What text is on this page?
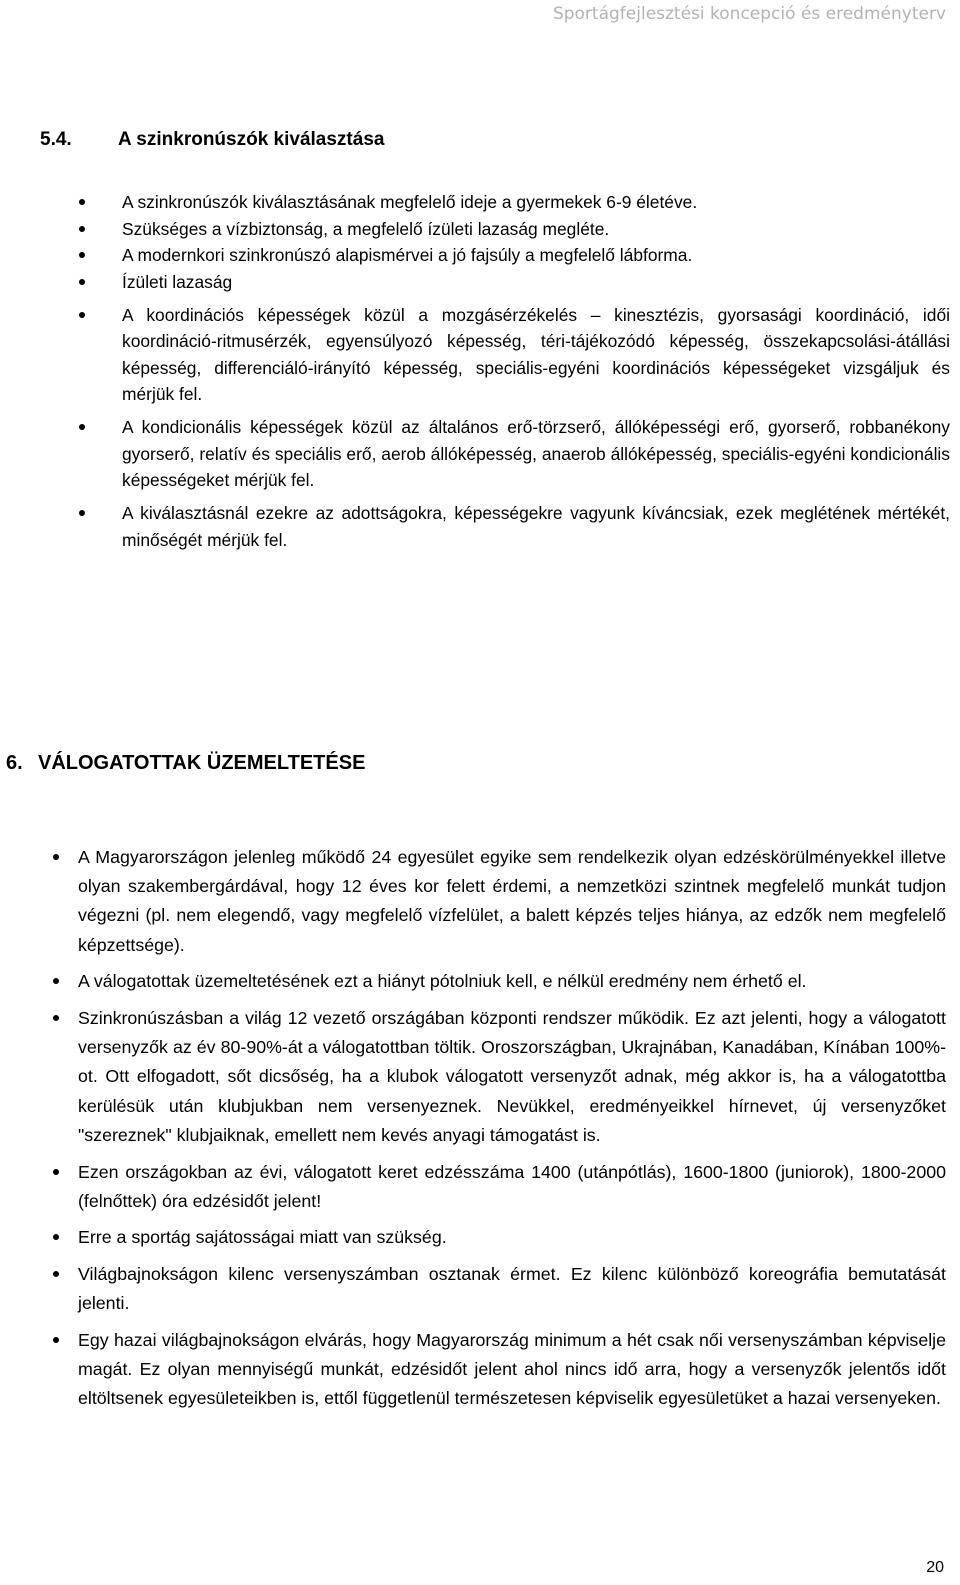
Sportágfejlesztési koncepció és eredményterv
5.4. A szinkronúszók kiválasztása
A szinkronúszók kiválasztásának megfelelő ideje a gyermekek 6-9 életéve.
Szükséges a vízbiztonság, a megfelelő ízületi lazaság megléte.
A modernkori szinkronúszó alapismérvei a jó fajsúly a megfelelő lábforma.
Ízületi lazaság
A koordinációs képességek közül a mozgásérzékelés – kinesztézis, gyorsasági koordináció, idői koordináció-ritmusérzék, egyensúlyozó képesség, téri-tájékozódó képesség, összekapcsolási-átállási képesség, differenciáló-irányító képesség, speciális-egyéni koordinációs képességeket vizsgáljuk és mérjük fel.
A kondicionális képességek közül az általános erő-törzserő, állóképességi erő, gyorserő, robbanékony gyorserő, relatív és speciális erő, aerob állóképesség, anaerob állóképesség, speciális-egyéni kondicionális képességeket mérjük fel.
A kiválasztásnál ezekre az adottságokra, képességekre vagyunk kíváncsiak, ezek meglétének mértékét, minőségét mérjük fel.
6. VÁLOGATOTTAK ÜZEMELTETÉSE
A Magyarországon jelenleg működő 24 egyesület egyike sem rendelkezik olyan edzéskörülményekkel illetve olyan szakembergárdával, hogy 12 éves kor felett érdemi, a nemzetközi szintnek megfelelő munkát tudjon végezni (pl. nem elegendő, vagy megfelelő vízfelület, a balett képzés teljes hiánya, az edzők nem megfelelő képzettsége).
A válogatottak üzemeltetésének ezt a hiányt pótolniuk kell, e nélkül eredmény nem érhető el.
Szinkronúszásban a világ 12 vezető országában központi rendszer működik. Ez azt jelenti, hogy a válogatott versenyzők az év 80-90%-át a válogatottban töltik. Oroszországban, Ukrajnában, Kanadában, Kínában 100%-ot. Ott elfogadott, sőt dicsőség, ha a klubok válogatott versenyzőt adnak, még akkor is, ha a válogatottba kerülésük után klubjukban nem versenyeznek. Nevükkel, eredményeikkel hírnevet, új versenyzőket "szereznek" klubjaiknak, emellett nem kevés anyagi támogatást is.
Ezen országokban az évi, válogatott keret edzésszáma 1400 (utánpótlás), 1600-1800 (juniorok), 1800-2000 (felnőttek) óra edzésidőt jelent!
Erre a sportág sajátosságai miatt van szükség.
Világbajnokságon kilenc versenyszámban osztanak érmet. Ez kilenc különböző koreográfia bemutatását jelenti.
Egy hazai világbajnokságon elvárás, hogy Magyarország minimum a hét csak női versenyszámban képviselje magát. Ez olyan mennyiségű munkát, edzésidőt jelent ahol nincs idő arra, hogy a versenyzők jelentős időt eltöltsenek egyesületeikben is, ettől függetlenül természetesen képviselik egyesületüket a hazai versenyeken.
20
